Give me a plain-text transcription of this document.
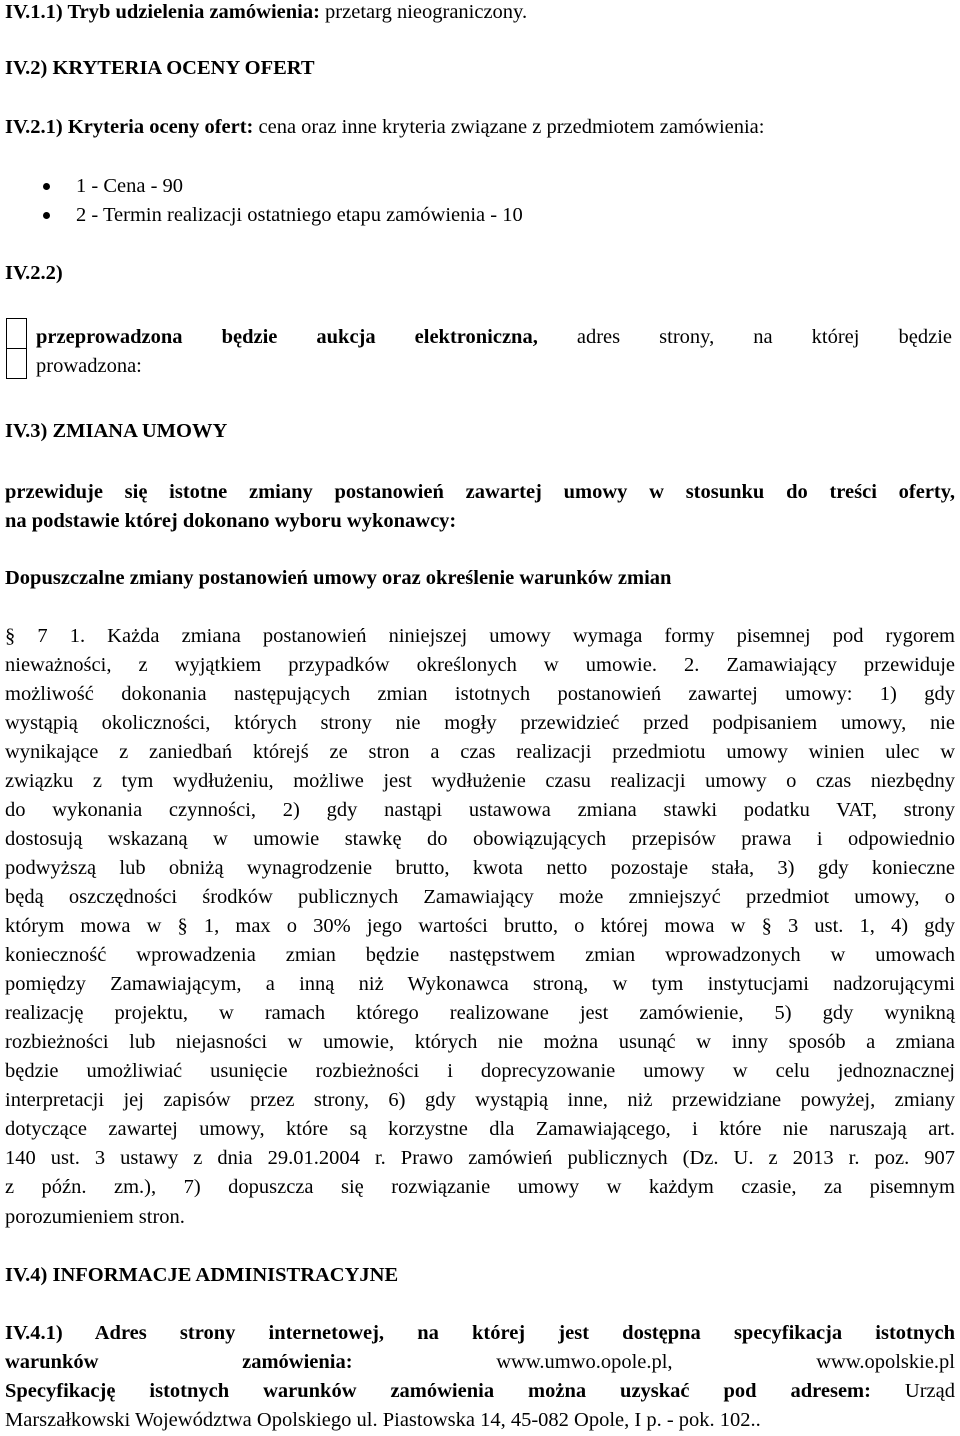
IV.1.1) Tryb udzielenia zamówienia: przetarg nieograniczony.
IV.2) KRYTERIA OCENY OFERT
IV.2.1) Kryteria oceny ofert: cena oraz inne kryteria związane z przedmiotem zamówienia:
1 - Cena - 90
2 - Termin realizacji ostatniego etapu zamówienia - 10
IV.2.2)
przeprowadzona będzie aukcja elektroniczna, adres strony, na której będzie
prowadzona:
IV.3) ZMIANA UMOWY
przewiduje się istotne zmiany postanowień zawartej umowy w stosunku do treści oferty,
na podstawie której dokonano wyboru wykonawcy:
Dopuszczalne zmiany postanowień umowy oraz określenie warunków zmian
§ 7 1. Każda zmiana postanowień niniejszej umowy wymaga formy pisemnej pod rygorem
nieważności, z wyjątkiem przypadków określonych w umowie. 2. Zamawiający przewiduje
możliwość dokonania następujących zmian istotnych postanowień zawartej umowy: 1) gdy
wystąpią okoliczności, których strony nie mogły przewidzieć przed podpisaniem umowy, nie
wynikające z zaniedbań którejś ze stron a czas realizacji przedmiotu umowy winien ulec w
związku z tym wydłużeniu, możliwe jest wydłużenie czasu realizacji umowy o czas niezbędny
do wykonania czynności, 2) gdy nastąpi ustawowa zmiana stawki podatku VAT, strony
dostosują wskazaną w umowie stawkę do obowiązujących przepisów prawa i odpowiednio
podwyższą lub obniżą wynagrodzenie brutto, kwota netto pozostaje stała, 3) gdy konieczne
będą oszczędności środków publicznych Zamawiający może zmniejszyć przedmiot umowy, o
którym mowa w § 1, max o 30% jego wartości brutto, o której mowa w § 3 ust. 1, 4) gdy
konieczność wprowadzenia zmian będzie następstwem zmian wprowadzonych w umowach
pomiędzy Zamawiającym, a inną niż Wykonawca stroną, w tym instytucjami nadzorującymi
realizację projektu, w ramach którego realizowane jest zamówienie, 5) gdy wynikną
rozbieżności lub niejasności w umowie, których nie można usunąć w inny sposób a zmiana
będzie umożliwiać usunięcie rozbieżności i doprecyzowanie umowy w celu jednoznacznej
interpretacji jej zapisów przez strony, 6) gdy wystąpią inne, niż przewidziane powyżej, zmiany
dotyczące zawartej umowy, które są korzystne dla Zamawiającego, i które nie naruszają art.
140 ust. 3 ustawy z dnia 29.01.2004 r. Prawo zamówień publicznych (Dz. U. z 2013 r. poz. 907
z późn. zm.), 7) dopuszcza się rozwiązanie umowy w każdym czasie, za pisemnym
porozumieniem stron.
IV.4) INFORMACJE ADMINISTRACYJNE
IV.4.1) Adres strony internetowej, na której jest dostępna specyfikacja istotnych
warunków zamówienia:	www.umwo.opole.pl,	www.opolskie.pl
Specyfikację istotnych warunków zamówienia można uzyskać pod adresem: Urząd
Marszałkowski Województwa Opolskiego ul. Piastowska 14, 45-082 Opole, I p. - pok. 102..
